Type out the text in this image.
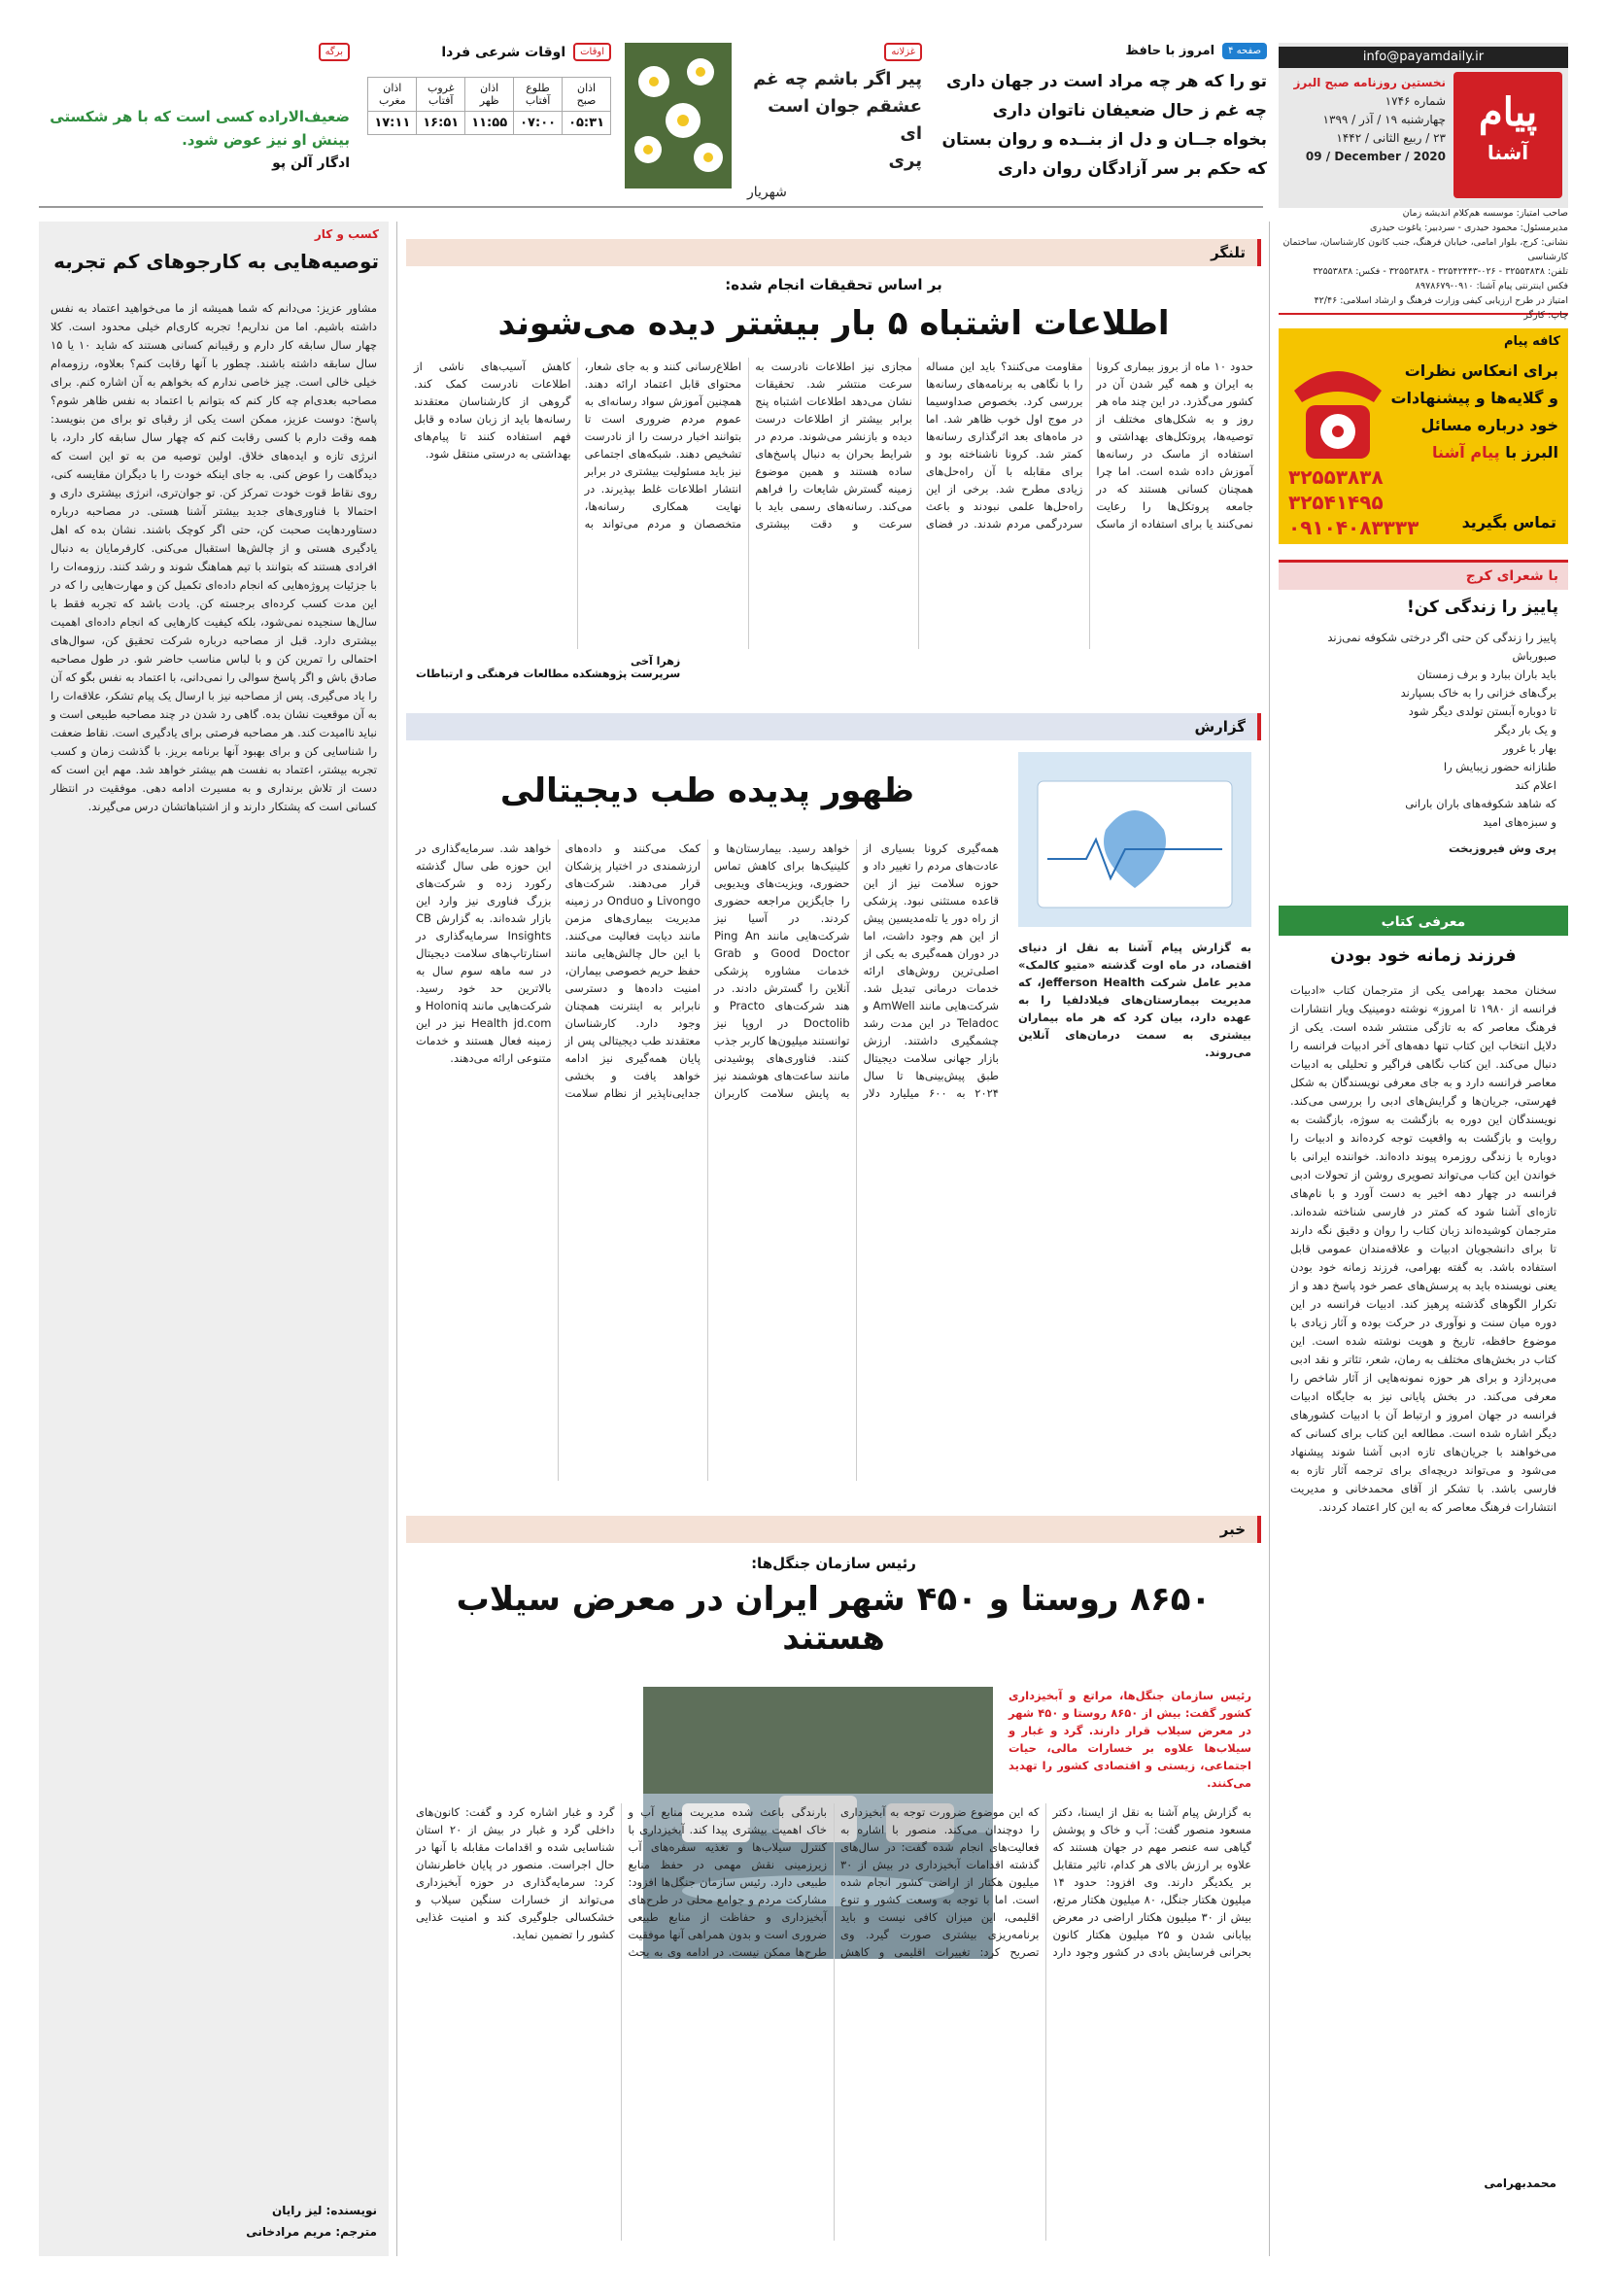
info@payamdaily.ir
پیام
آشنا
نخستین روزنامه صبح البرز
شماره ۱۷۴۶
چهارشنبه ۱۹ / آذر / ۱۳۹۹
۲۳ / ربیع الثانی / ۱۴۴۲
09 / December / 2020
صفحه ۴
امروز با حافظ
تو را که هر چه مراد است در جهان داری
چه غم ز حال ضعیفان ناتوان داری
بخواه جــان و دل از بنــده و روان بستان
که حکم بر سر آزادگان روان داری
غزلانه
پیر اگر باشم چه غم
عشقم جوان است ای
پری
شهریار
اوقات
اوقات شرعی فردا
اذان صبح	طلوع آفتاب	اذان ظهر	غروب آفتاب	اذان مغرب
۰۵:۳۱	۰۷:۰۰	۱۱:۵۵	۱۶:۵۱	۱۷:۱۱
برگه
ضعیف‌الاراده کسی است که با هر شکستی بینش او نیز عوض شود.
ادگار آلن پو
صاحب امتیاز: موسسه هم‌کلام اندیشه زمان
مدیرمسئول: محمود حیدری - سردبیر: یاغوت حیدری
نشانی: کرج، بلوار امامی، خیابان فرهنگ، جنب کانون کارشناسان، ساختمان کارشناسی
تلفن: ۳۲۵۵۳۸۳۸ - ۰۲۶-۳۲۵۴۲۴۴۳ - ۳۲۵۵۳۸۳۸ - فکس: ۳۲۵۵۳۸۳۸
فکس اینترنتی پیام آشنا: ۰۹۱۰-۸۹۷۸۶۷۹
امتیاز در طرح ارزیابی کیفی وزارت فرهنگ و ارشاد اسلامی: ۴۲/۴۶
چاپ: کارگر
کافه پیام
برای انعکاس نظرات
و گلایه‌ها و پیشنهادات
خود درباره مسائل
البرز با پیام آشنا
۳۲۵۵۳۸۳۸
۳۲۵۴۱۴۹۵
۰۹۱۰۴۰۸۳۳۳۳	تماس بگیرید
با شعرای کرج
پاییز را زندگی کن!
پاییز را زندگی کن حتی اگر درختی شکوفه نمی‌زند
صبورباش
باید باران ببارد و برف زمستان
برگ‌های خزانی را به خاک بسپارند
تا دوباره آبستن تولدی دیگر شود
و یک بار دیگر
بهار با غرور
طنازانه حضور زیبایش را
اعلام کند
که شاهد شکوفه‌های باران بارانی
و سبزه‌های امید
پری وش فیروزبخت
معرفی کتاب
فرزند زمانه خود بودن
سخنان محمد بهرامی یکی از مترجمان کتاب «ادبیات فرانسه از ۱۹۸۰ تا امروز» نوشته دومینیک ویار انتشارات فرهنگ معاصر که به تازگی منتشر شده است. یکی از دلایل انتخاب این کتاب تنها دهه‌های آخر ادبیات فرانسه را دنبال می‌کند. این کتاب نگاهی فراگیر و تحلیلی به ادبیات معاصر فرانسه دارد و به جای معرفی نویسندگان به شکل فهرستی، جریان‌ها و گرایش‌های ادبی را بررسی می‌کند. نویسندگان این دوره به بازگشت به سوژه، بازگشت به روایت و بازگشت به واقعیت توجه کرده‌اند و ادبیات را دوباره با زندگی روزمره پیوند داده‌اند. خواننده ایرانی با خواندن این کتاب می‌تواند تصویری روشن از تحولات ادبی فرانسه در چهار دهه اخیر به دست آورد و با نام‌های تازه‌ای آشنا شود که کمتر در فارسی شناخته شده‌اند. مترجمان کوشیده‌اند زبان کتاب را روان و دقیق نگه دارند تا برای دانشجویان ادبیات و علاقه‌مندان عمومی قابل استفاده باشد. به گفته بهرامی، فرزند زمانه خود بودن یعنی نویسنده باید به پرسش‌های عصر خود پاسخ دهد و از تکرار الگوهای گذشته پرهیز کند. ادبیات فرانسه در این دوره میان سنت و نوآوری در حرکت بوده و آثار زیادی با موضوع حافظه، تاریخ و هویت نوشته شده است. این کتاب در بخش‌های مختلف به رمان، شعر، تئاتر و نقد ادبی می‌پردازد و برای هر حوزه نمونه‌هایی از آثار شاخص را معرفی می‌کند. در بخش پایانی نیز به جایگاه ادبیات فرانسه در جهان امروز و ارتباط آن با ادبیات کشورهای دیگر اشاره شده است. مطالعه این کتاب برای کسانی که می‌خواهند با جریان‌های تازه ادبی آشنا شوند پیشنهاد می‌شود و می‌تواند دریچه‌ای برای ترجمه آثار تازه به فارسی باشد. با تشکر از آقای محمدخانی و مدیریت انتشارات فرهنگ معاصر که به این کار اعتماد کردند.
محمدبهرامی
کسب و کار
توصیه‌هایی به کارجوهای کم تجربه
مشاور عزیز: می‌دانم که شما همیشه از ما می‌خواهید اعتماد به نفس داشته باشیم. اما من نداریم! تجربه کاری‌ام خیلی محدود است. کلا چهار سال سابقه کار دارم و رقیبانم کسانی هستند که شاید ۱۰ یا ۱۵ سال سابقه داشته باشند. چطور با آنها رقابت کنم؟ بعلاوه، رزومه‌ام خیلی خالی است. چیز خاصی ندارم که بخواهم به آن اشاره کنم. برای مصاحبه بعدی‌ام چه کار کنم که بتوانم با اعتماد به نفس ظاهر شوم؟ پاسخ: دوست عزیز، ممکن است یکی از رقبای تو برای من بنویسد: همه وقت دارم با کسی رقابت کنم که چهار سال سابقه کار دارد، با انرژی تازه و ایده‌های خلاق. اولین توصیه من به تو این است که دیدگاهت را عوض کنی. به جای اینکه خودت را با دیگران مقایسه کنی، روی نقاط قوت خودت تمرکز کن. تو جوان‌تری، انرژی بیشتری داری و احتمالا با فناوری‌های جدید بیشتر آشنا هستی. در مصاحبه درباره دستاوردهایت صحبت کن، حتی اگر کوچک باشند. نشان بده که اهل یادگیری هستی و از چالش‌ها استقبال می‌کنی. کارفرمایان به دنبال افرادی هستند که بتوانند با تیم هماهنگ شوند و رشد کنند. رزومه‌ات را با جزئیات پروژه‌هایی که انجام داده‌ای تکمیل کن و مهارت‌هایی را که در این مدت کسب کرده‌ای برجسته کن. یادت باشد که تجربه فقط با سال‌ها سنجیده نمی‌شود، بلکه کیفیت کارهایی که انجام داده‌ای اهمیت بیشتری دارد. قبل از مصاحبه درباره شرکت تحقیق کن، سوال‌های احتمالی را تمرین کن و با لباس مناسب حاضر شو. در طول مصاحبه صادق باش و اگر پاسخ سوالی را نمی‌دانی، با اعتماد به نفس بگو که آن را یاد می‌گیری. پس از مصاحبه نیز با ارسال یک پیام تشکر، علاقه‌ات را به آن موقعیت نشان بده. گاهی رد شدن در چند مصاحبه طبیعی است و نباید ناامیدت کند. هر مصاحبه فرصتی برای یادگیری است. نقاط ضعفت را شناسایی کن و برای بهبود آنها برنامه بریز. با گذشت زمان و کسب تجربه بیشتر، اعتماد به نفست هم بیشتر خواهد شد. مهم این است که دست از تلاش برنداری و به مسیرت ادامه دهی. موفقیت در انتظار کسانی است که پشتکار دارند و از اشتباهاتشان درس می‌گیرند.
نویسنده: لیز رایان
مترجم: مریم مرادخانی
تلنگر
بر اساس تحقیقات انجام شده:
اطلاعات اشتباه ۵ بار بیشتر دیده می‌شوند
حدود ۱۰ ماه از بروز بیماری کرونا به ایران و همه گیر شدن آن در کشور می‌گذرد. در این چند ماه هر روز و به شکل‌های مختلف از توصیه‌ها، پروتکل‌های بهداشتی و استفاده از ماسک در رسانه‌ها آموزش داده شده است. اما چرا همچنان کسانی هستند که در جامعه پروتکل‌ها را رعایت نمی‌کنند یا برای استفاده از ماسک مقاومت می‌کنند؟ باید این مساله را با نگاهی به برنامه‌های رسانه‌ها بررسی کرد. بخصوص صداوسیما در موج اول خوب ظاهر شد. اما در ماه‌های بعد اثرگذاری رسانه‌ها کمتر شد. کرونا ناشناخته بود و برای مقابله با آن راه‌حل‌های زیادی مطرح شد. برخی از این راه‌حل‌ها علمی نبودند و باعث سردرگمی مردم شدند. در فضای مجازی نیز اطلاعات نادرست به سرعت منتشر شد. تحقیقات نشان می‌دهد اطلاعات اشتباه پنج برابر بیشتر از اطلاعات درست دیده و بازنشر می‌شوند. مردم در شرایط بحران به دنبال پاسخ‌های ساده هستند و همین موضوع زمینه گسترش شایعات را فراهم می‌کند. رسانه‌های رسمی باید با سرعت و دقت بیشتری اطلاع‌رسانی کنند و به جای شعار، محتوای قابل اعتماد ارائه دهند. همچنین آموزش سواد رسانه‌ای به عموم مردم ضروری است تا بتوانند اخبار درست را از نادرست تشخیص دهند. شبکه‌های اجتماعی نیز باید مسئولیت بیشتری در برابر انتشار اطلاعات غلط بپذیرند. در نهایت همکاری رسانه‌ها، متخصصان و مردم می‌تواند به کاهش آسیب‌های ناشی از اطلاعات نادرست کمک کند. گروهی از کارشناسان معتقدند رسانه‌ها باید از زبان ساده و قابل فهم استفاده کنند تا پیام‌های بهداشتی به درستی منتقل شود.
زهرا آخی
سرپرست پژوهشکده مطالعات فرهنگی و ارتباطات
گزارش
ظهور پدیده طب دیجیتالی
به گزارش پیام آشنا به نقل از دنیای اقتصاد، در ماه اوت گذشته «متیو کالمک» مدیر عامل شرکت Jefferson Health، که مدیریت بیمارستان‌های فیلادلفیا را به عهده دارد، بیان کرد که هر ماه بیماران بیشتری به سمت درمان‌های آنلاین می‌روند.
همه‌گیری کرونا بسیاری از عادت‌های مردم را تغییر داد و حوزه سلامت نیز از این قاعده مستثنی نبود. پزشکی از راه دور یا تله‌مدیسین پیش از این هم وجود داشت، اما در دوران همه‌گیری به یکی از اصلی‌ترین روش‌های ارائه خدمات درمانی تبدیل شد. شرکت‌هایی مانند AmWell و Teladoc در این مدت رشد چشمگیری داشتند. ارزش بازار جهانی سلامت دیجیتال طبق پیش‌بینی‌ها تا سال ۲۰۲۴ به ۶۰۰ میلیارد دلار خواهد رسید. بیمارستان‌ها و کلینیک‌ها برای کاهش تماس حضوری، ویزیت‌های ویدیویی را جایگزین مراجعه حضوری کردند. در آسیا نیز شرکت‌هایی مانند Ping An Good Doctor و Grab خدمات مشاوره پزشکی آنلاین را گسترش دادند. در هند شرکت‌های Practo و Doctolib در اروپا نیز توانستند میلیون‌ها کاربر جذب کنند. فناوری‌های پوشیدنی مانند ساعت‌های هوشمند نیز به پایش سلامت کاربران کمک می‌کنند و داده‌های ارزشمندی در اختیار پزشکان قرار می‌دهند. شرکت‌های Livongo و Onduo در زمینه مدیریت بیماری‌های مزمن مانند دیابت فعالیت می‌کنند. با این حال چالش‌هایی مانند حفظ حریم خصوصی بیماران، امنیت داده‌ها و دسترسی نابرابر به اینترنت همچنان وجود دارد. کارشناسان معتقدند طب دیجیتالی پس از پایان همه‌گیری نیز ادامه خواهد یافت و بخشی جدایی‌ناپذیر از نظام سلامت خواهد شد. سرمایه‌گذاری در این حوزه طی سال گذشته رکورد زده و شرکت‌های بزرگ فناوری نیز وارد این بازار شده‌اند. به گزارش CB Insights سرمایه‌گذاری در استارتاپ‌های سلامت دیجیتال در سه ماهه سوم سال به بالاترین حد خود رسید. شرکت‌هایی مانند Holoniq و Health jd.com نیز در این زمینه فعال هستند و خدمات متنوعی ارائه می‌دهند.
خبر
رئیس سازمان جنگل‌ها:
۸۶۵۰ روستا و ۴۵۰ شهر ایران در معرض سیلاب هستند
رئیس سازمان جنگل‌ها، مراتع و آبخیزداری کشور گفت: بیش از ۸۶۵۰ روستا و ۴۵۰ شهر در معرض سیلاب قرار دارند. گرد و غبار و سیلاب‌ها علاوه بر خسارات مالی، حیات اجتماعی، زیستی و اقتصادی کشور را تهدید می‌کنند.
به گزارش پیام آشنا به نقل از ایسنا، دکتر مسعود منصور گفت: آب و خاک و پوشش گیاهی سه عنصر مهم در جهان هستند که علاوه بر ارزش بالای هر کدام، تاثیر متقابل بر یکدیگر دارند. وی افزود: حدود ۱۴ میلیون هکتار جنگل، ۸۰ میلیون هکتار مرتع، بیش از ۳۰ میلیون هکتار اراضی در معرض بیابانی شدن و ۲۵ میلیون هکتار کانون بحرانی فرسایش بادی در کشور وجود دارد که این موضوع ضرورت توجه به آبخیزداری را دوچندان می‌کند. منصور با اشاره به فعالیت‌های انجام شده گفت: در سال‌های گذشته اقدامات آبخیزداری در بیش از ۳۰ میلیون هکتار از اراضی کشور انجام شده است. اما با توجه به وسعت کشور و تنوع اقلیمی، این میزان کافی نیست و باید برنامه‌ریزی بیشتری صورت گیرد. وی تصریح کرد: تغییرات اقلیمی و کاهش بارندگی باعث شده مدیریت منابع آب و خاک اهمیت بیشتری پیدا کند. آبخیزداری با کنترل سیلاب‌ها و تغذیه سفره‌های آب زیرزمینی نقش مهمی در حفظ منابع طبیعی دارد. رئیس سازمان جنگل‌ها افزود: مشارکت مردم و جوامع محلی در طرح‌های آبخیزداری و حفاظت از منابع طبیعی ضروری است و بدون همراهی آنها موفقیت طرح‌ها ممکن نیست. در ادامه وی به بحث گرد و غبار اشاره کرد و گفت: کانون‌های داخلی گرد و غبار در بیش از ۲۰ استان شناسایی شده و اقدامات مقابله با آنها در حال اجراست. منصور در پایان خاطرنشان کرد: سرمایه‌گذاری در حوزه آبخیزداری می‌تواند از خسارات سنگین سیلاب و خشکسالی جلوگیری کند و امنیت غذایی کشور را تضمین نماید.
